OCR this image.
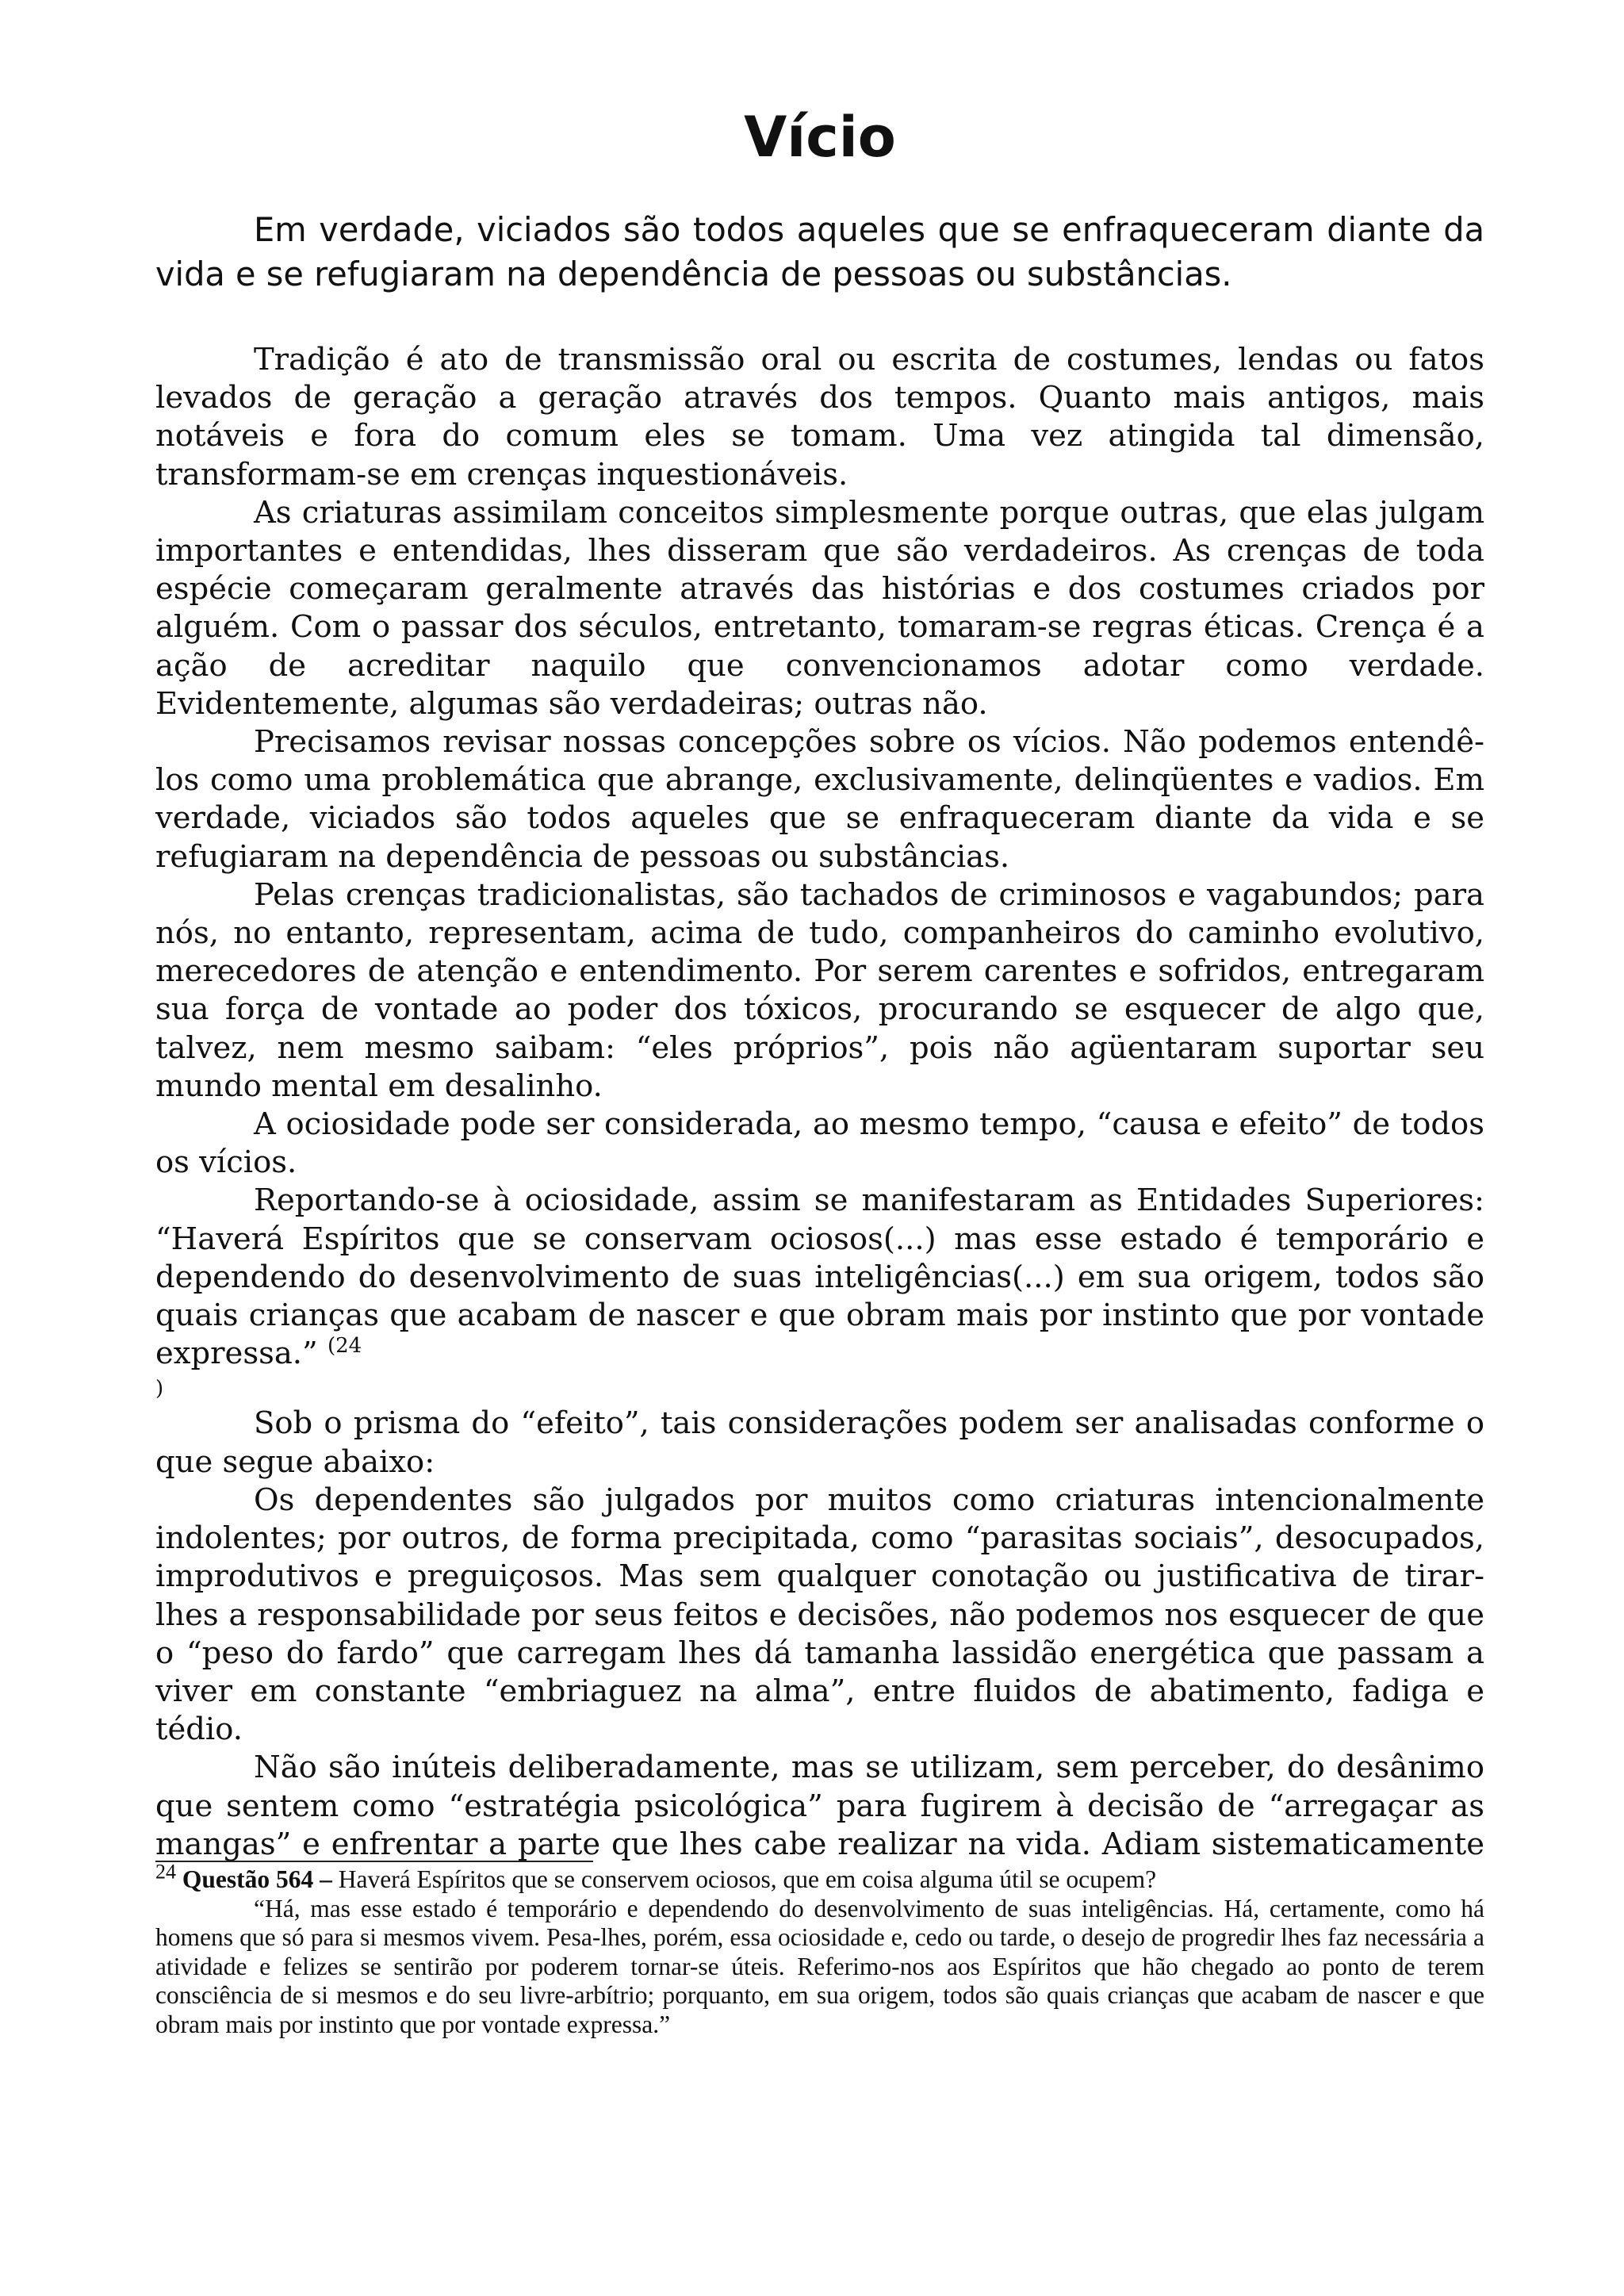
Vício

Em verdade, viciados são todos aqueles que se enfraqueceram diante da vida e se refugiaram na dependência de pessoas ou substâncias.

Tradição é ato de transmissão oral ou escrita de costumes, lendas ou fatos levados de geração a geração através dos tempos. Quanto mais antigos, mais notáveis e fora do comum eles se tomam. Uma vez atingida tal dimensão, transformam-se em crenças inquestionáveis.

As criaturas assimilam conceitos simplesmente porque outras, que elas julgam importantes e entendidas, lhes disseram que são verdadeiros. As crenças de toda espécie começaram geralmente através das histórias e dos costumes criados por alguém. Com o passar dos séculos, entretanto, tomaram-se regras éticas. Crença é a ação de acreditar naquilo que convencionamos adotar como verdade. Evidentemente, algumas são verdadeiras; outras não.

Precisamos revisar nossas concepções sobre os vícios. Não podemos entendê-los como uma problemática que abrange, exclusivamente, delinqüentes e vadios. Em verdade, viciados são todos aqueles que se enfraqueceram diante da vida e se refugiaram na dependência de pessoas ou substâncias.

Pelas crenças tradicionalistas, são tachados de criminosos e vagabundos; para nós, no entanto, representam, acima de tudo, companheiros do caminho evolutivo, merecedores de atenção e entendimento. Por serem carentes e sofridos, entregaram sua força de vontade ao poder dos tóxicos, procurando se esquecer de algo que, talvez, nem mesmo saibam: “eles próprios”, pois não agüentaram suportar seu mundo mental em desalinho.

A ociosidade pode ser considerada, ao mesmo tempo, “causa e efeito” de todos os vícios.

Reportando-se à ociosidade, assim se manifestaram as Entidades Superiores: “Haverá Espíritos que se conservam ociosos(...) mas esse estado é temporário e dependendo do desenvolvimento de suas inteligências(...) em sua origem, todos são quais crianças que acabam de nascer e que obram mais por instinto que por vontade expressa.” $^{(24}$
)

Sob o prisma do “efeito”, tais considerações podem ser analisadas conforme o que segue abaixo:

Os dependentes são julgados por muitos como criaturas intencionalmente indolentes; por outros, de forma precipitada, como “parasitas sociais”, desocupados, improdutivos e preguiçosos. Mas sem qualquer conotação ou justificativa de tirar-lhes a responsabilidade por seus feitos e decisões, não podemos nos esquecer de que o “peso do fardo” que carregam lhes dá tamanha lassidão energética que passam a viver em constante “embriaguez na alma”, entre fluidos de abatimento, fadiga e tédio.

Não são inúteis deliberadamente, mas se utilizam, sem perceber, do desânimo que sentem como “estratégia psicológica” para fugirem à decisão de “arregaçar as mangas” e enfrentar a parte que lhes cabe realizar na vida. Adiam sistematicamente

$^{24}$ Questão 564 – Haverá Espíritos que se conservem ociosos, que em coisa alguma útil se ocupem?

“Há, mas esse estado é temporário e dependendo do desenvolvimento de suas inteligências. Há, certamente, como há homens que só para si mesmos vivem. Pesa-lhes, porém, essa ociosidade e, cedo ou tarde, o desejo de progredir lhes faz necessária a atividade e felizes se sentirão por poderem tornar-se úteis. Referimo-nos aos Espíritos que hão chegado ao ponto de terem consciência de si mesmos e do seu livre-arbítrio; porquanto, em sua origem, todos são quais crianças que acabam de nascer e que obram mais por instinto que por vontade expressa.”
